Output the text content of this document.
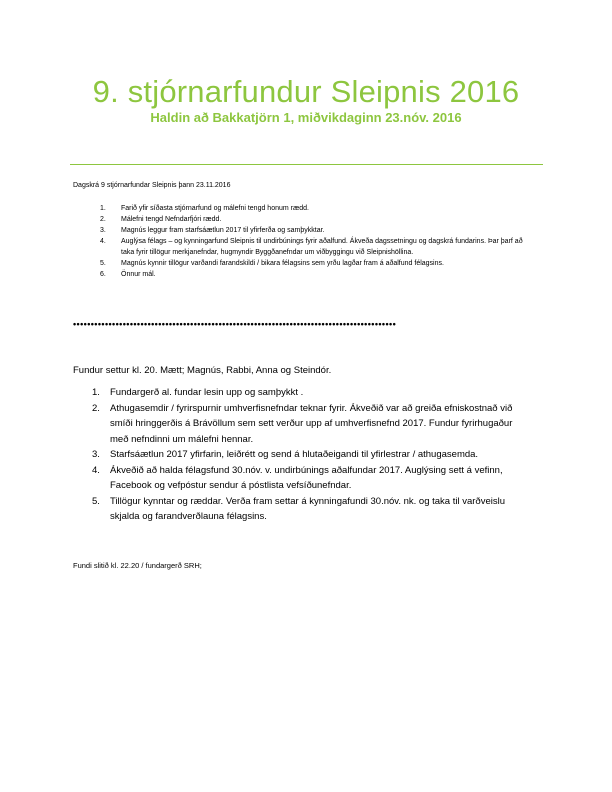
9. stjórnarfundur Sleipnis 2016
Haldin að Bakkatjörn 1, miðvikdaginn 23.nóv. 2016
Dagskrá 9 stjórnarfundar Sleipnis þann 23.11.2016
1. Farið yfir síðasta stjórnarfund og málefni tengd honum rædd.
2. Málefni tengd Nefndarfjóri rædd.
3. Magnús leggur fram starfsáætlun 2017 til yfirferða og samþykktar.
4. Auglýsa félags – og kynningarfund Sleipnis til undirbúnings fyrir aðalfund. Ákveða dagssetningu og dagskrá fundarins. Þar þarf að taka fyrir tillögur merkjanefndar, hugmyndir Byggðanefndar um viðbyggingu við Sleipnishöllina.
5. Magnús kynnir tillögur varðandi farandskildi / bikara félagsins sem yrðu lagðar fram á aðalfund félagsins.
6. Önnur mál.
•••••••••••••••••••••••••••••••••••••••••••••••••••••••••••••••••••••••••••••••••••••••••••
Fundur settur kl. 20. Mætt; Magnús, Rabbi, Anna og Steindór.
1. Fundargerð al. fundar lesin upp og samþykkt .
2. Athugasemdir / fyrirspurnir umhverfisnefndar teknar fyrir. Ákveðið var að greiða efniskostnað við smíði hringgerðis á Brávöllum sem sett verður upp af umhverfisnefnd 2017. Fundur fyrirhugaður með nefndinni um málefni hennar.
3. Starfsáætlun 2017 yfirfarin, leiðrétt og send á hlutaðeigandi til yfirlestrar / athugasemda.
4. Ákveðið að halda félagsfund 30.nóv. v. undirbúnings aðalfundar 2017. Auglýsing sett á vefinn, Facebook og vefpóstur sendur á póstlista vefsíðunefndar.
5. Tillögur kynntar og ræddar. Verða fram settar á kynningafundi 30.nóv. nk. og taka til varðveislu skjalda og farandverðlauna félagsins.
Fundi slitið kl. 22.20 / fundargerð SRH;
